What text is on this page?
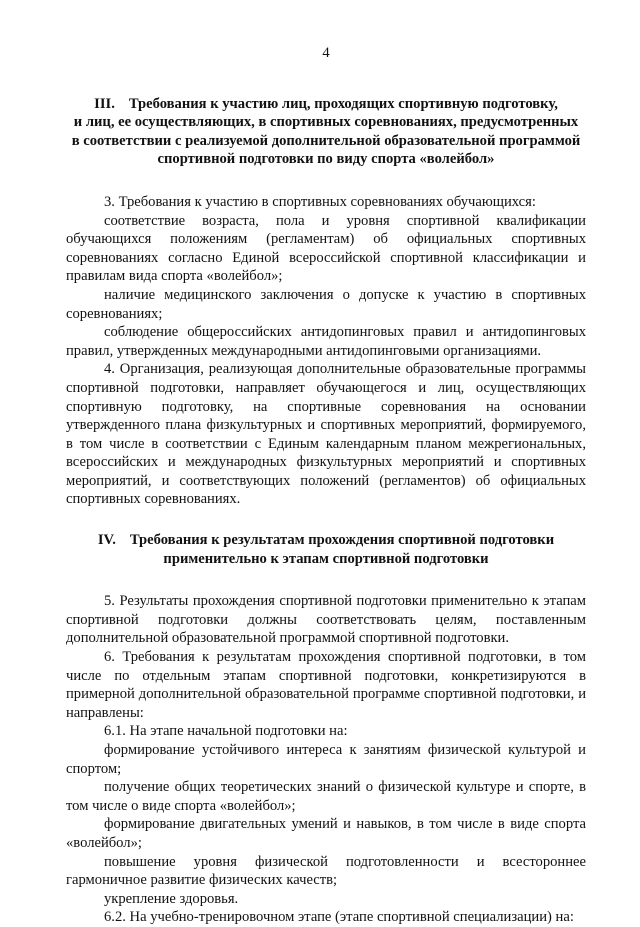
4
III. Требования к участию лиц, проходящих спортивную подготовку,
и лиц, ее осуществляющих, в спортивных соревнованиях, предусмотренных
в соответствии с реализуемой дополнительной образовательной программой
спортивной подготовки по виду спорта «волейбол»

3. Требования к участию в спортивных соревнованиях обучающихся:

соответствие возраста, пола и уровня спортивной квалификации обучающихся положениям (регламентам) об официальных спортивных соревнованиях согласно Единой всероссийской спортивной классификации и правилам вида спорта «волейбол»;

наличие медицинского заключения о допуске к участию в спортивных соревнованиях;

соблюдение общероссийских антидопинговых правил и антидопинговых правил, утвержденных международными антидопинговыми организациями.

4. Организация, реализующая дополнительные образовательные программы спортивной подготовки, направляет обучающегося и лиц, осуществляющих спортивную подготовку, на спортивные соревнования на основании утвержденного плана физкультурных и спортивных мероприятий, формируемого, в том числе в соответствии с Единым календарным планом межрегиональных, всероссийских и международных физкультурных мероприятий и спортивных мероприятий, и соответствующих положений (регламентов) об официальных спортивных соревнованиях.

IV. Требования к результатам прохождения спортивной подготовки
применительно к этапам спортивной подготовки

5. Результаты прохождения спортивной подготовки применительно к этапам спортивной подготовки должны соответствовать целям, поставленным дополнительной образовательной программой спортивной подготовки.

6. Требования к результатам прохождения спортивной подготовки, в том числе по отдельным этапам спортивной подготовки, конкретизируются в примерной дополнительной образовательной программе спортивной подготовки, и направлены:

6.1. На этапе начальной подготовки на:

формирование устойчивого интереса к занятиям физической культурой и спортом;

получение общих теоретических знаний о физической культуре и спорте, в том числе о виде спорта «волейбол»;

формирование двигательных умений и навыков, в том числе в виде спорта «волейбол»;

повышение уровня физической подготовленности и всестороннее гармоничное развитие физических качеств;

укрепление здоровья.

6.2. На учебно-тренировочном этапе (этапе спортивной специализации) на:
